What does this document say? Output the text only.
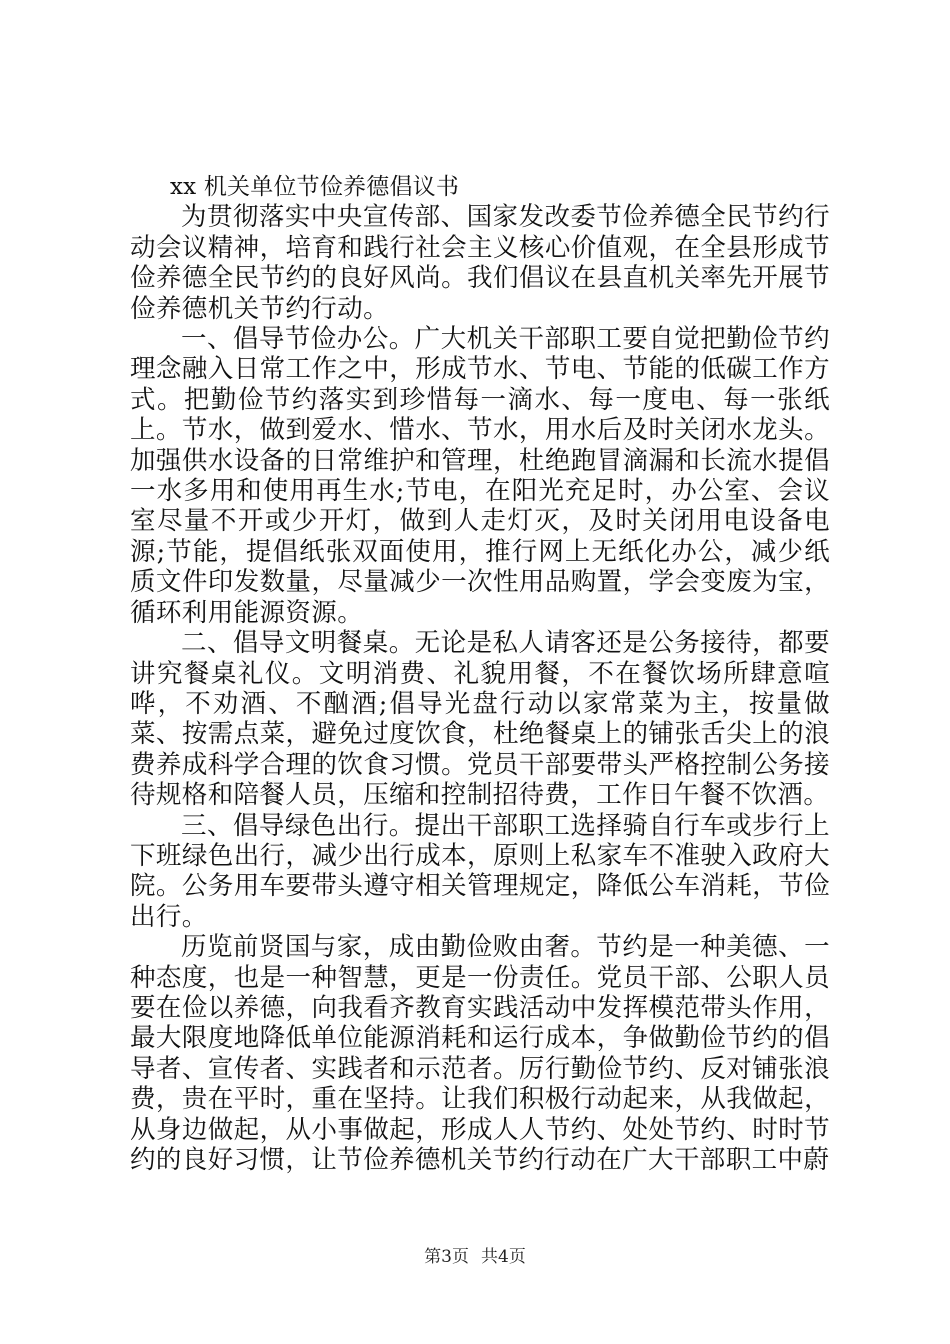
xx 机关单位节俭养德倡议书

为贯彻落实中央宣传部、国家发改委节俭养德全民节约行动会议精神，培育和践行社会主义核心价值观，在全县形成节俭养德全民节约的良好风尚。我们倡议在县直机关率先开展节俭养德机关节约行动。

一、倡导节俭办公。广大机关干部职工要自觉把勤俭节约理念融入日常工作之中，形成节水、节电、节能的低碳工作方式。把勤俭节约落实到珍惜每一滴水、每一度电、每一张纸上。节水，做到爱水、惜水、节水，用水后及时关闭水龙头。加强供水设备的日常维护和管理，杜绝跑冒滴漏和长流水提倡一水多用和使用再生水;节电，在阳光充足时，办公室、会议室尽量不开或少开灯，做到人走灯灭，及时关闭用电设备电源;节能，提倡纸张双面使用，推行网上无纸化办公，减少纸质文件印发数量，尽量减少一次性用品购置，学会变废为宝，循环利用能源资源。

二、倡导文明餐桌。无论是私人请客还是公务接待，都要讲究餐桌礼仪。文明消费、礼貌用餐，不在餐饮场所肆意喧哗，不劝酒、不酗酒;倡导光盘行动以家常菜为主，按量做菜、按需点菜，避免过度饮食，杜绝餐桌上的铺张舌尖上的浪费养成科学合理的饮食习惯。党员干部要带头严格控制公务接待规格和陪餐人员，压缩和控制招待费，工作日午餐不饮酒。

三、倡导绿色出行。提出干部职工选择骑自行车或步行上下班绿色出行，减少出行成本，原则上私家车不准驶入政府大院。公务用车要带头遵守相关管理规定，降低公车消耗，节俭出行。

历览前贤国与家，成由勤俭败由奢。节约是一种美德、一种态度，也是一种智慧，更是一份责任。党员干部、公职人员要在俭以养德，向我看齐教育实践活动中发挥模范带头作用，最大限度地降低单位能源消耗和运行成本，争做勤俭节约的倡导者、宣传者、实践者和示范者。厉行勤俭节约、反对铺张浪费，贵在平时，重在坚持。让我们积极行动起来，从我做起，从身边做起，从小事做起，形成人人节约、处处节约、时时节约的良好习惯，让节俭养德机关节约行动在广大干部职工中蔚

第3页 共4页
